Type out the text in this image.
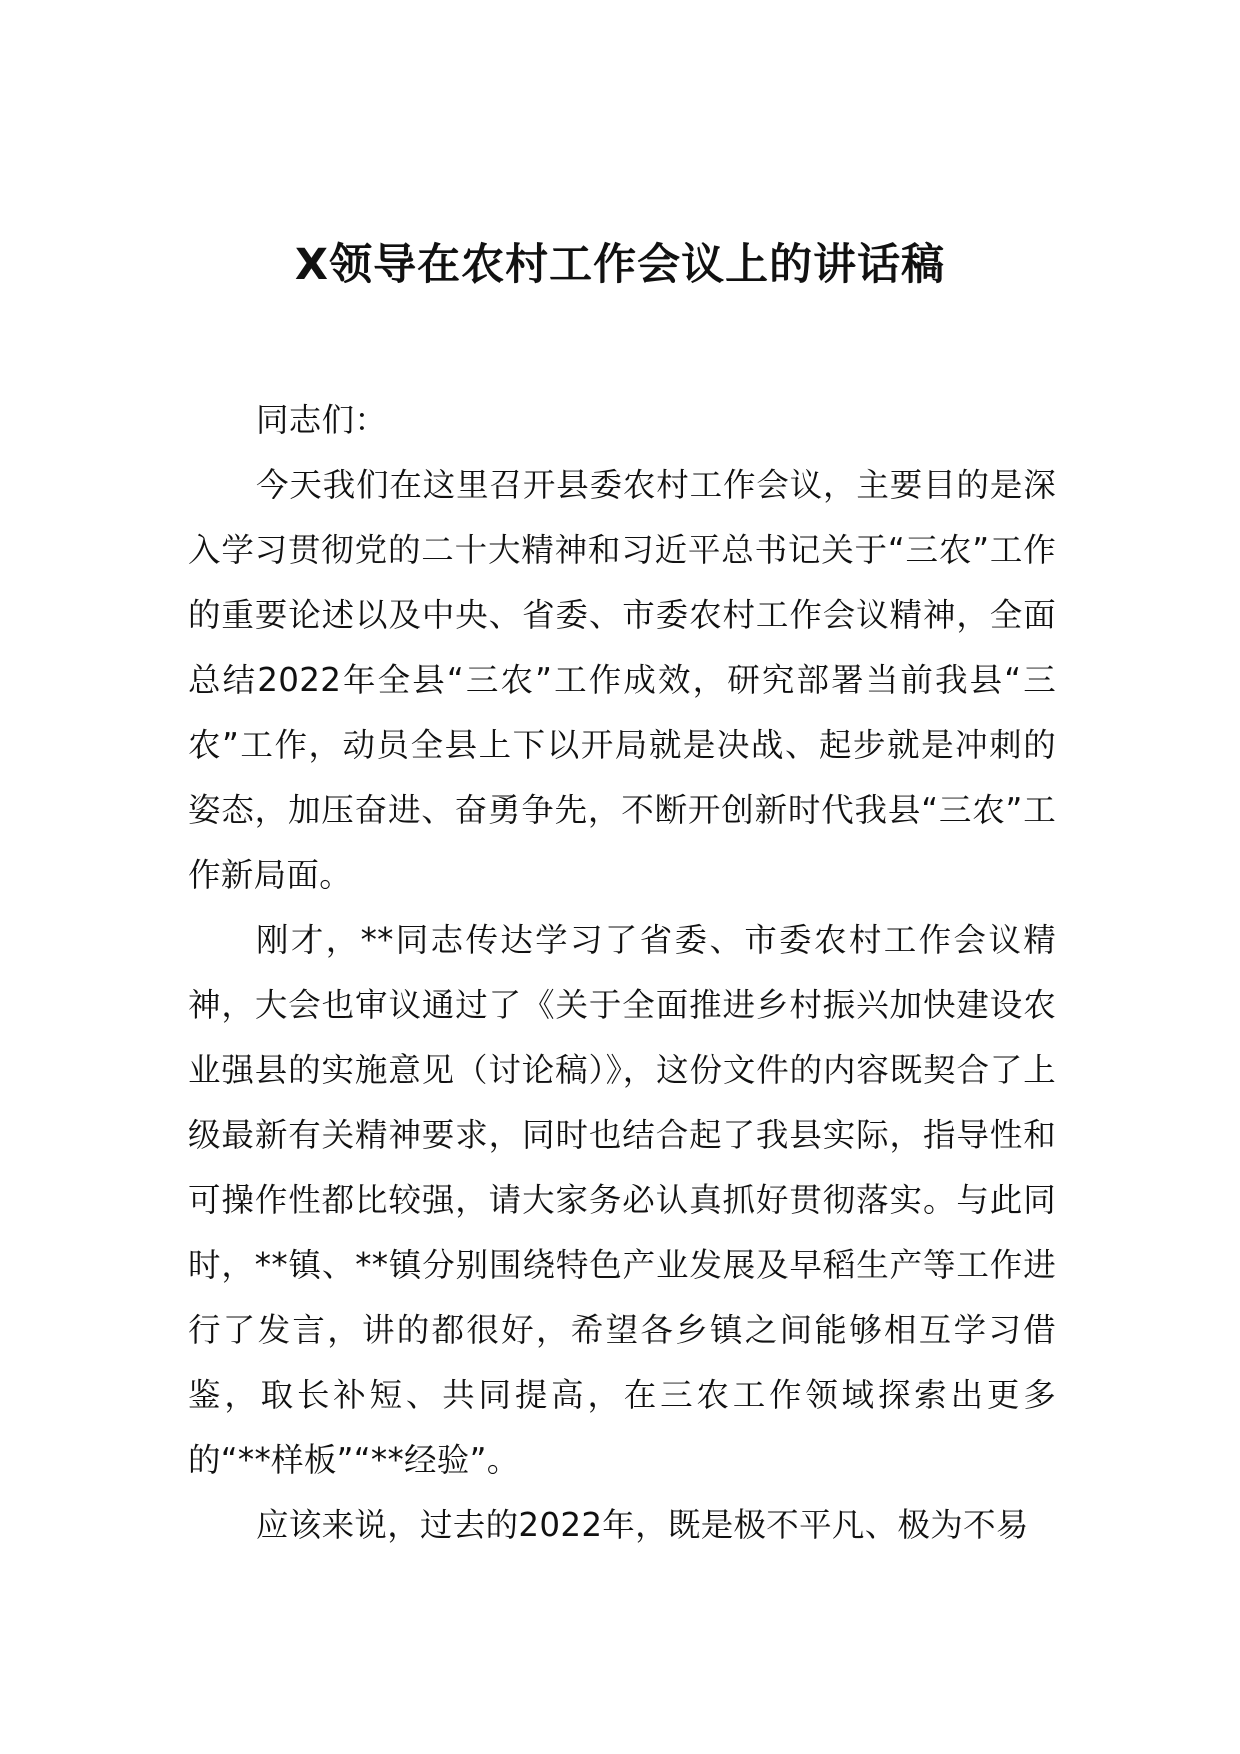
X领导在农村工作会议上的讲话稿

同志们：

今天我们在这里召开县委农村工作会议，主要目的是深入学习贯彻党的二十大精神和习近平总书记关于“三农”工作的重要论述以及中央、省委、市委农村工作会议精神，全面总结2022年全县“三农”工作成效，研究部署当前我县“三农”工作，动员全县上下以开局就是决战、起步就是冲刺的姿态，加压奋进、奋勇争先，不断开创新时代我县“三农”工作新局面。

刚才，**同志传达学习了省委、市委农村工作会议精神，大会也审议通过了《关于全面推进乡村振兴加快建设农业强县的实施意见（讨论稿）》，这份文件的内容既契合了上级最新有关精神要求，同时也结合起了我县实际，指导性和可操作性都比较强，请大家务必认真抓好贯彻落实。与此同时，**镇、**镇分别围绕特色产业发展及早稻生产等工作进行了发言，讲的都很好，希望各乡镇之间能够相互学习借鉴，取长补短、共同提高，在三农工作领域探索出更多的“**样板”“**经验”。

应该来说，过去的2022年，既是极不平凡、极为不易
